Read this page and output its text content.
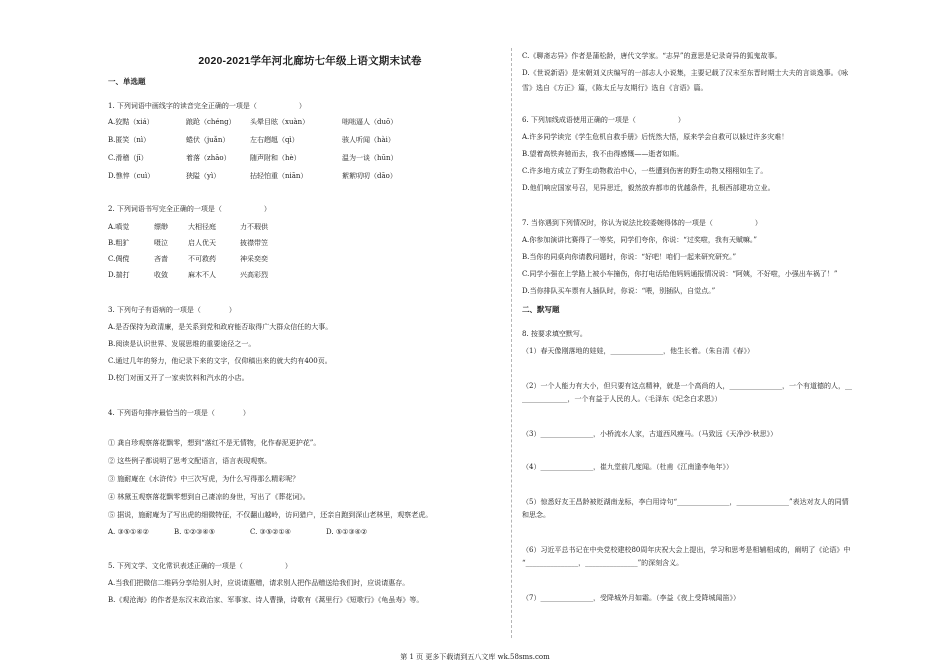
2020-2021学年河北廊坊七年级上语文期末试卷
一、单选题
1. 下列词语中画线字的读音完全正确的一项是（　　　　　　）
A.狡黠（xiá）	踉跄（chéng） 头晕目眩（xuàn）	咄咄逼人（duō）
B.匿笑（nì）	蜷伏（juǎn）	左右趔趄（qì）	骇人听闻（hài）
C.滑稽（jī）	着落（zhāo）	随声附和（hè）	温为一谈（hūn）
D.憔悴（cuì）	狭隘（yì）	拈轻怕重（niān）	絮絮叨叨（dāo）
2. 下列词语书写完全正确的一项是（　　　　　　）
A.嗔觉	缥缈	大相径庭	力不瑕供
B.粗犷	嗫泣	启人优天	披襟带笠
C.倜傥	吝啬	不可救药	神采奕奕
D.揣打	收敛	麻木不人	兴高彩烈
3. 下列句子有语病的一项是（　　　　）
A.是否保持为政清廉，是关系到党和政府能否取得广大群众信任的大事。
B.阅读是认识世界、发展思维的重要途径之一。
C.通过几年的努力，他记录下来的文字，仅仰稿出来的就大约有400页。
D.校门对面又开了一家卖饮料和汽水的小店。
4. 下列语句排序最恰当的一项是（　　　　）
① 龚自珍观察落花飘零，想到“落红不是无情物，化作春泥更护花”。
② 这些例子都说明了思考文配语言，语言表现观察。
③ 施耐庵在《水浒传》中三次写虎，为什么写得那么精彩呢？
④ 林黛玉观察落花飘零想到自己凄凉的身世，写出了《葬花词》。
⑤ 据说，施耐庵为了写出虎的细微特征，不仅翻山越岭，访问猎户，还亲自跑到深山老林里，观察老虎。
A. ③⑤①④②	B. ①②③④⑤	C. ③⑤②①④	D. ⑤①③④②
5. 下列文学、文化常识表述正确的一项是（　　　　　　）
A.当我们把微信二维码分享给别人时，应说请惠赠，请求别人把作品赠送给我们时，应说请惠存。
B.《观沧海》的作者是东汉末政治家、军事家、诗人曹操，诗歌有《蒿里行》《短歌行》《龟虽寿》等。
C.《聊斋志异》作者是蒲松龄，唐代文学家。“志异”的意思是记录奇异的狐鬼故事。
D.《世说新语》是宋朝刘义庆编写的一部志人小说集，主要记载了汉末至东晋时期士大夫的言谈逸事。《咏
雪》选自《方正》篇，《陈太丘与友期行》选自《言语》篇。
6. 下列加线成语使用正确的一项是（　　　　　　）
A.许多同学读完《学生危机自救手册》后恍然大悟，原来学会自救可以躲过许多灾难！
B.望着高铁奔驰而去，我不由得感慨——逝者如斯。
C.许多地方成立了野生动物救治中心，一些遭到伤害的野生动物又栩栩如生了。
D.他们响应国家号召，见异思迁，毅然放弃都市的优越条件，扎根西部建功立业。
7. 当你遇到下列情况时，你认为说法比较委婉得体的一项是（　　　　　　）
A.你参加演讲比赛得了一等奖，同学们夸你，你说：“过奖啦，我有天赋嘛。”
B.当你的同桌向你请教问题时，你说：“好吧！咱们一起来研究研究。”
C.同学小强在上学路上被小车撞伤，你打电话给他妈妈通报情况说：“阿姨，不好啦，小强出车祸了！”
D.当你排队买车票有人插队时，你说：“喂，别插队，自觉点。”
二、默写题
8. 按要求填空默写。
（1）春天像刚落地的娃娃，_______________，他生长着。（朱自清《春》）
（2）一个人能力有大小，但只要有这点精神，就是一个高尚的人，_______________，一个有道德的人，__
_____________，一个有益于人民的人。（毛泽东《纪念白求恩》）
（3）_______________，小桥流水人家，古道西风瘦马。（马致远《天净沙·秋思》）
（4）_______________，崔九堂前几度闻。（杜甫《江南逢李龟年》）
（5）惊悉好友王昌龄被贬湖南龙标，李白用诗句“_______________，_______________”表达对友人的同情
和思念。
（6）习近平总书记在中央党校建校80周年庆祝大会上提出，学习和思考是相辅相成的，阐明了《论语》中
“_______________，_______________”的深刻含义。
（7）_______________，受降城外月如霜。（李益《夜上受降城闻笛》）
第 1 页 更多下载请到五八文库 wk.58sms.com
